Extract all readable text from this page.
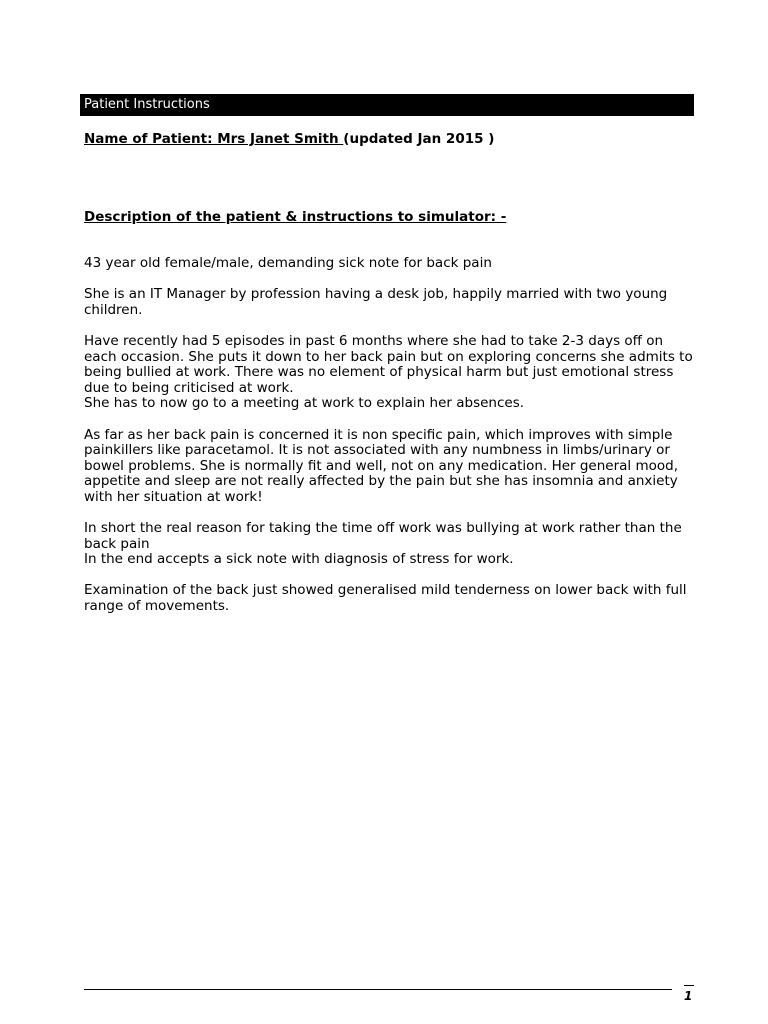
Patient Instructions
Name of Patient: Mrs Janet Smith (updated Jan 2015 )
Description of the patient & instructions to simulator: -

43 year old female/male, demanding sick note for back pain

She is an IT Manager by profession having a desk job, happily married with two young children.

Have recently had 5 episodes in past 6 months where she had to take 2-3 days off on each occasion. She puts it down to her back pain but on exploring concerns she admits to being bullied at work. There was no element of physical harm but just emotional stress due to being criticised at work.
She has to now go to a meeting at work to explain her absences.

As far as her back pain is concerned it is non specific pain, which improves with simple painkillers like paracetamol. It is not associated with any numbness in limbs/urinary or bowel problems. She is normally fit and well, not on any medication. Her general mood, appetite and sleep are not really affected by the pain but she has insomnia and anxiety with her situation at work!

In short the real reason for taking the time off work was bullying at work rather than the back pain
In the end accepts a sick note with diagnosis of stress for work.

Examination of the back just showed generalised mild tenderness on lower back with full range of movements.

1
